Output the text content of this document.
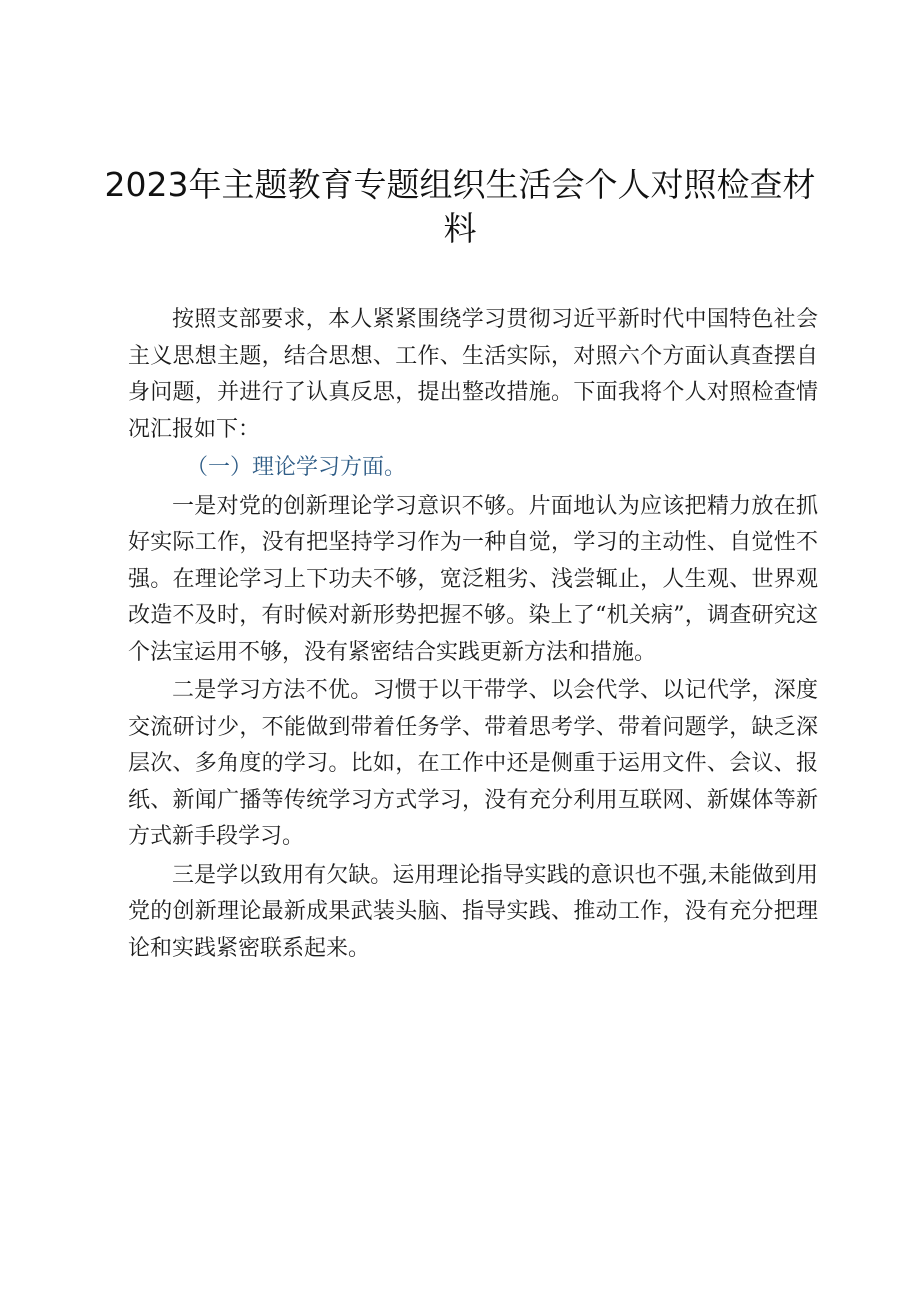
2023年主题教育专题组织生活会个人对照检查材料

按照支部要求，本人紧紧围绕学习贯彻习近平新时代中国特色社会主义思想主题，结合思想、工作、生活实际，对照六个方面认真查摆自身问题，并进行了认真反思，提出整改措施。下面我将个人对照检查情况汇报如下：

（一）理论学习方面。

一是对党的创新理论学习意识不够。片面地认为应该把精力放在抓好实际工作，没有把坚持学习作为一种自觉，学习的主动性、自觉性不强。在理论学习上下功夫不够，宽泛粗劣、浅尝辄止，人生观、世界观改造不及时，有时候对新形势把握不够。染上了“机关病”，调查研究这个法宝运用不够，没有紧密结合实践更新方法和措施。

二是学习方法不优。习惯于以干带学、以会代学、以记代学，深度交流研讨少，不能做到带着任务学、带着思考学、带着问题学，缺乏深层次、多角度的学习。比如，在工作中还是侧重于运用文件、会议、报纸、新闻广播等传统学习方式学习，没有充分利用互联网、新媒体等新方式新手段学习。

三是学以致用有欠缺。运用理论指导实践的意识也不强,未能做到用党的创新理论最新成果武装头脑、指导实践、推动工作，没有充分把理论和实践紧密联系起来。
